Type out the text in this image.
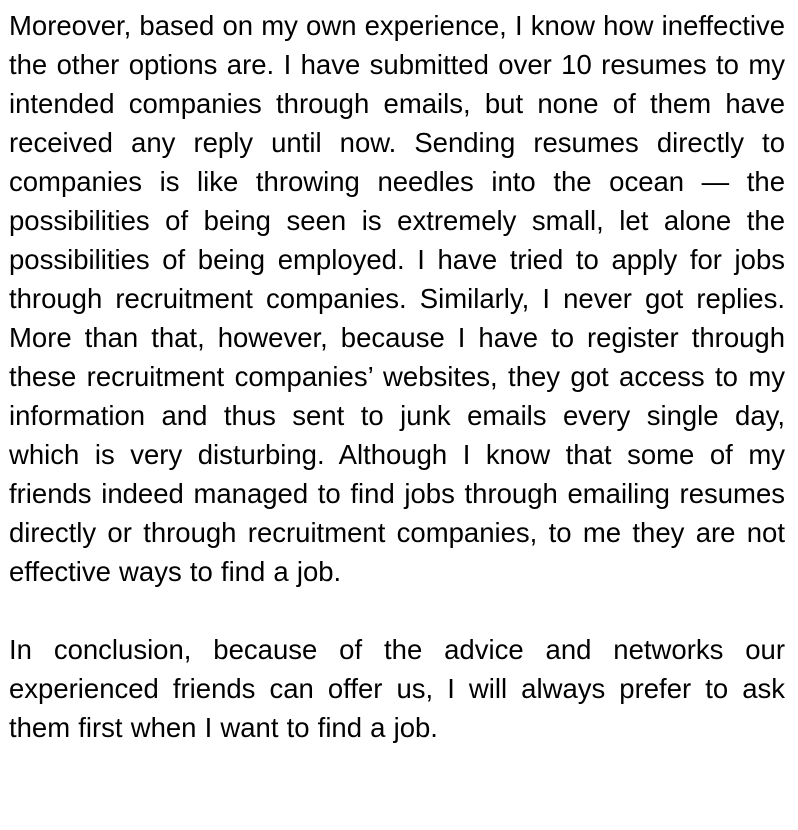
Moreover, based on my own experience, I know how ineffective the other options are. I have submitted over 10 resumes to my intended companies through emails, but none of them have received any reply until now. Sending resumes directly to companies is like throwing needles into the ocean — the possibilities of being seen is extremely small, let alone the possibilities of being employed. I have tried to apply for jobs through recruitment companies. Similarly, I never got replies. More than that, however, because I have to register through these recruitment companies’ websites, they got access to my information and thus sent to junk emails every single day, which is very disturbing. Although I know that some of my friends indeed managed to find jobs through emailing resumes directly or through recruitment companies, to me they are not effective ways to find a job.

In conclusion, because of the advice and networks our experienced friends can offer us, I will always prefer to ask them first when I want to find a job.
